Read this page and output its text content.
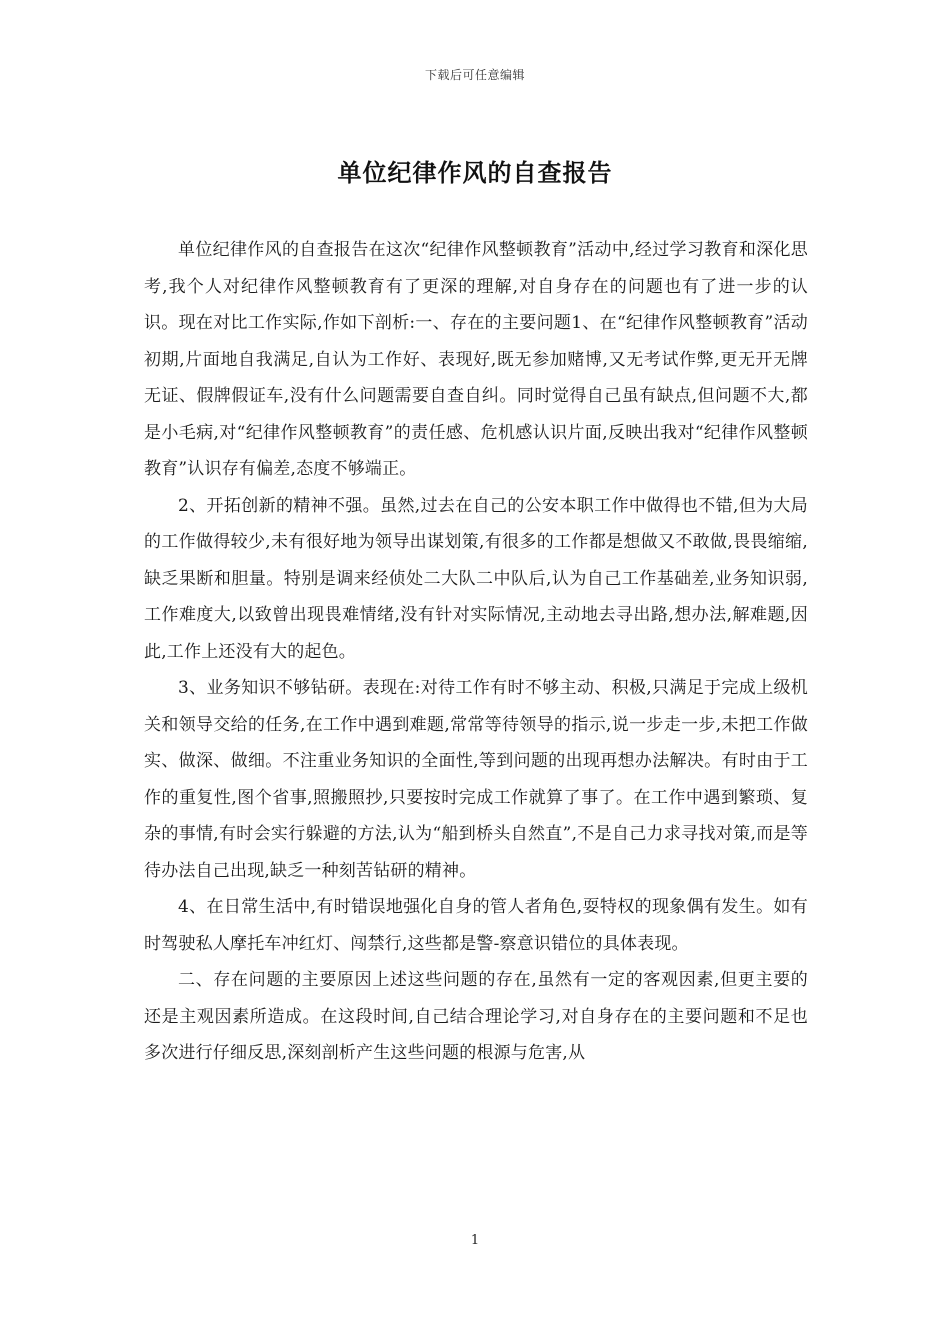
下载后可任意编辑
单位纪律作风的自查报告

单位纪律作风的自查报告在这次“纪律作风整顿教育”活动中,经过学习教育和深化思考,我个人对纪律作风整顿教育有了更深的理解,对自身存在的问题也有了进一步的认识。现在对比工作实际,作如下剖析:一、存在的主要问题1、在“纪律作风整顿教育”活动初期,片面地自我满足,自认为工作好、表现好,既无参加赌博,又无考试作弊,更无开无牌无证、假牌假证车,没有什么问题需要自查自纠。同时觉得自己虽有缺点,但问题不大,都是小毛病,对“纪律作风整顿教育”的责任感、危机感认识片面,反映出我对“纪律作风整顿教育”认识存有偏差,态度不够端正。

2、开拓创新的精神不强。虽然,过去在自己的公安本职工作中做得也不错,但为大局的工作做得较少,未有很好地为领导出谋划策,有很多的工作都是想做又不敢做,畏畏缩缩,缺乏果断和胆量。特别是调来经侦处二大队二中队后,认为自己工作基础差,业务知识弱,工作难度大,以致曾出现畏难情绪,没有针对实际情况,主动地去寻出路,想办法,解难题,因此,工作上还没有大的起色。

3、业务知识不够钻研。表现在:对待工作有时不够主动、积极,只满足于完成上级机关和领导交给的任务,在工作中遇到难题,常常等待领导的指示,说一步走一步,未把工作做实、做深、做细。不注重业务知识的全面性,等到问题的出现再想办法解决。有时由于工作的重复性,图个省事,照搬照抄,只要按时完成工作就算了事了。在工作中遇到繁琐、复杂的事情,有时会实行躲避的方法,认为“船到桥头自然直”,不是自己力求寻找对策,而是等待办法自己出现,缺乏一种刻苦钻研的精神。

4、在日常生活中,有时错误地强化自身的管人者角色,耍特权的现象偶有发生。如有时驾驶私人摩托车冲红灯、闯禁行,这些都是警-察意识错位的具体表现。

二、存在问题的主要原因上述这些问题的存在,虽然有一定的客观因素,但更主要的还是主观因素所造成。在这段时间,自己结合理论学习,对自身存在的主要问题和不足也多次进行仔细反思,深刻剖析产生这些问题的根源与危害,从

1
